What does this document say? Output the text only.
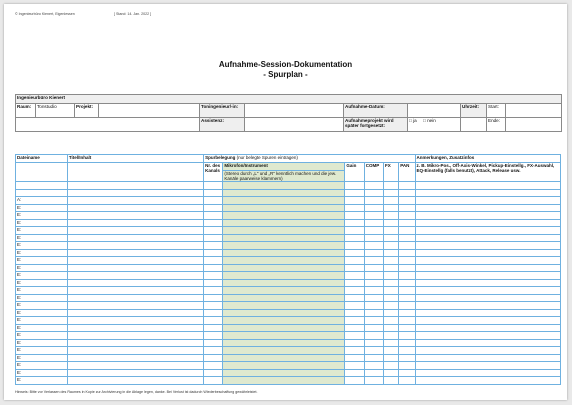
© Ingenieurbüro Kienert, Eigenlessen	[ Stand: 14. Jan. 2022 ]
Aufnahme-Session-Dokumentation
- Spurplan -
Ingenieurbüro Kienert										
Raum:	Tonstudio	Projekt:		Toningenieur/-in:		Aufnahme-Datum:		Uhrzeit:	Start:	
				Assistenz:		Aufnahmeprojekt wird später fortgesetzt:	□ ja □ nein		Ende:	
Dateiname	Titel/Inhalt	Spurbelegung (nur belegte Spuren eintragen)						Anmerkungen, Zusatzinfos
		Nr. des Kanals	Mikrofon/Instrument	Gain	COMP	FX	PAN	z. B. Mikro-Pos., Off-Axis-Winkel, Pickup-Einstellg., FX-Auswahl, EQ-Einstellg (falls benutzt), Attack, Release usw.
			(Stereo durch „L" und „R" kenntlich machen und die jew. Kanäle paarweise klammern)					

A:								
E:								
E:								
E:								
E:								
E:								
E:								
E:								
E:								
E:								
E:								
E:								
E:								
E:								
E:								
E:								
E:								
E:								
E:								
E:								
E:								
E:								
E:								
E:								
E:								
Hinweis: Bitte vor Verlassen des Raumes in Kopie zur Archivierung in die Ablage legen, danke. Bei Verlust ist dadurch Wiederbeschaffung gewährleistet.
